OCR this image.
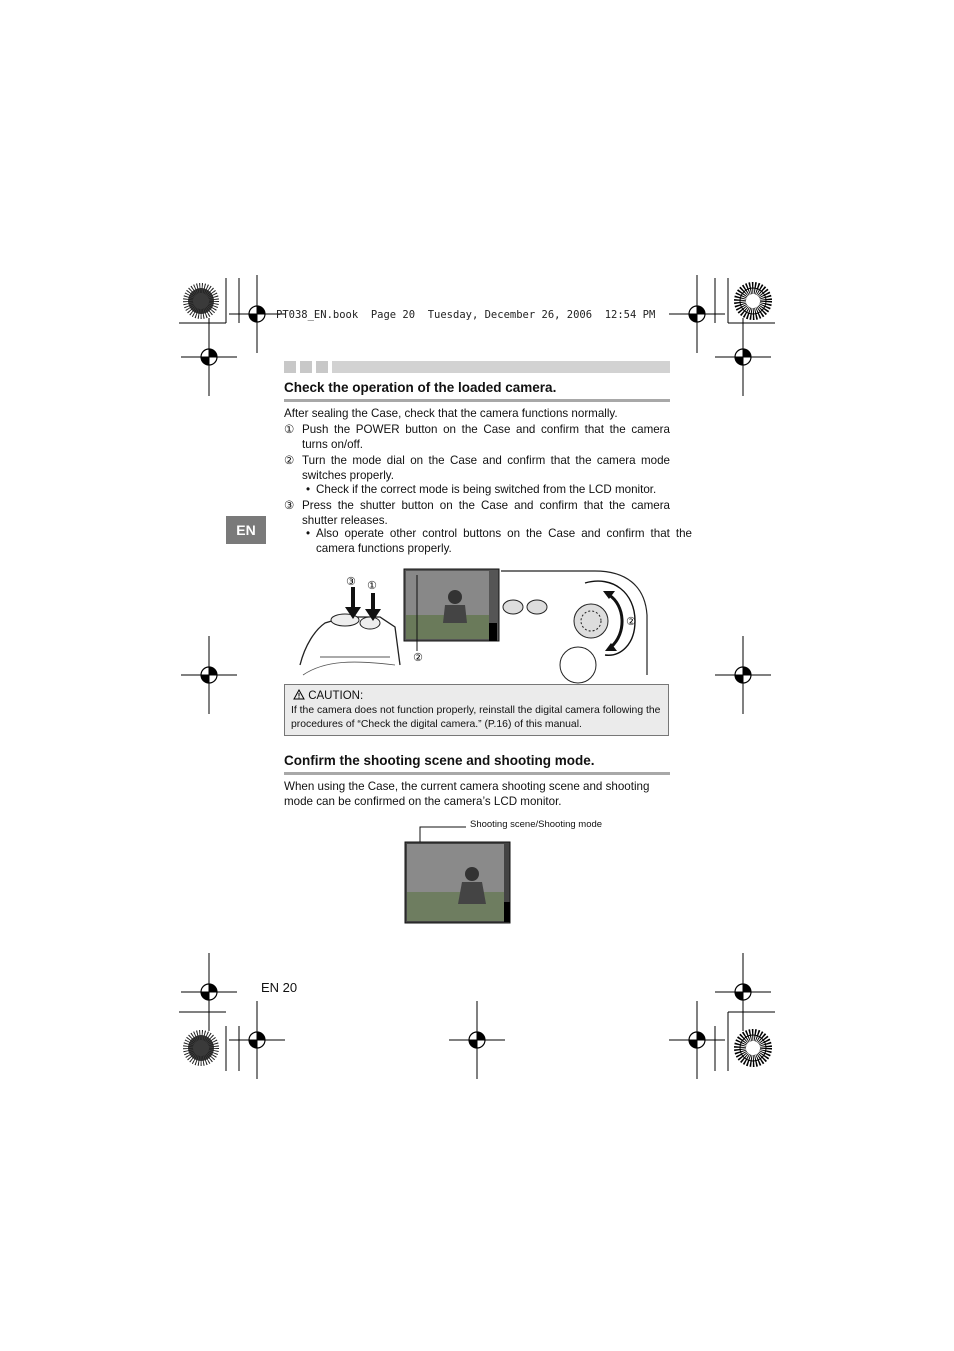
PT038_EN.book  Page 20  Tuesday, December 26, 2006  12:54 PM
EN
Check the operation of the loaded camera.
After sealing the Case, check that the camera functions normally.
① Push the POWER button on the Case and confirm that the camera turns on/off.
② Turn the mode dial on the Case and confirm that the camera mode switches properly.
• Check if the correct mode is being switched from the LCD monitor.
③ Press the shutter button on the Case and confirm that the camera shutter releases.
• Also operate other control buttons on the Case and confirm that the camera functions properly.
③ ①
②
②
CAUTION:
If the camera does not function properly, reinstall the digital camera following the procedures of “Check the digital camera.” (P.16) of this manual.
Confirm the shooting scene and shooting mode.
When using the Case, the current camera shooting scene and shooting mode can be confirmed on the camera’s LCD monitor.
Shooting scene/Shooting mode
EN 20
